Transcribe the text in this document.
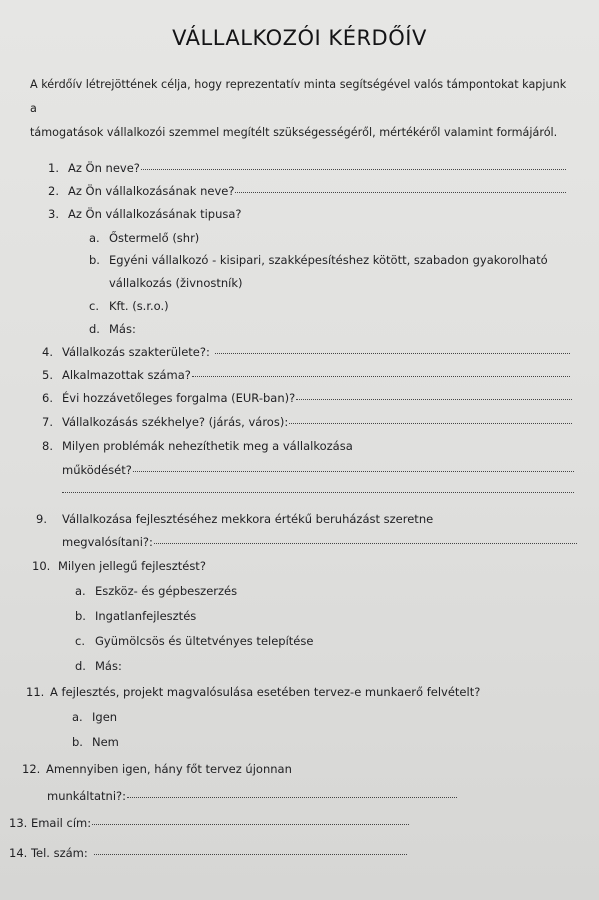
VÁLLALKOZÓI KÉRDŐÍV
A kérdőív létrejöttének célja, hogy reprezentatív minta segítségével valós támpontokat kapjunk a
támogatások vállalkozói szemmel megítélt szükségességéről, mértékéről valamint formájáról.
1. Az Ön neve?
2. Az Ön vállalkozásának neve?
3. Az Ön vállalkozásának tipusa?
a. Őstermelő (shr)
b. Egyéni vállalkozó - kisipari, szakképesítéshez kötött, szabadon gyakorolható
vállalkozás (živnostník)
c. Kft. (s.r.o.)
d. Más:
4. Vállalkozás szakterülete?:
5. Alkalmazottak száma?
6. Évi hozzávetőleges forgalma (EUR-ban)?
7. Vállalkozásás székhelye? (járás, város):
8. Milyen problémák nehezíthetik meg a vállalkozása
működését?
9.	Vállalkozása fejlesztéséhez mekkora értékű beruházást szeretne
megvalósítani?:
10. Milyen jellegű fejlesztést?
a. Eszköz- és gépbeszerzés
b. Ingatlanfejlesztés
c. Gyümölcsös és ültetvényes telepítése
d. Más:
11. A fejlesztés, projekt magvalósulása esetében tervez-e munkaerő felvételt?
a. Igen
b. Nem
12. Amennyiben igen, hány főt tervez újonnan
munkáltatni?:
13. Email cím:
14. Tel. szám:
